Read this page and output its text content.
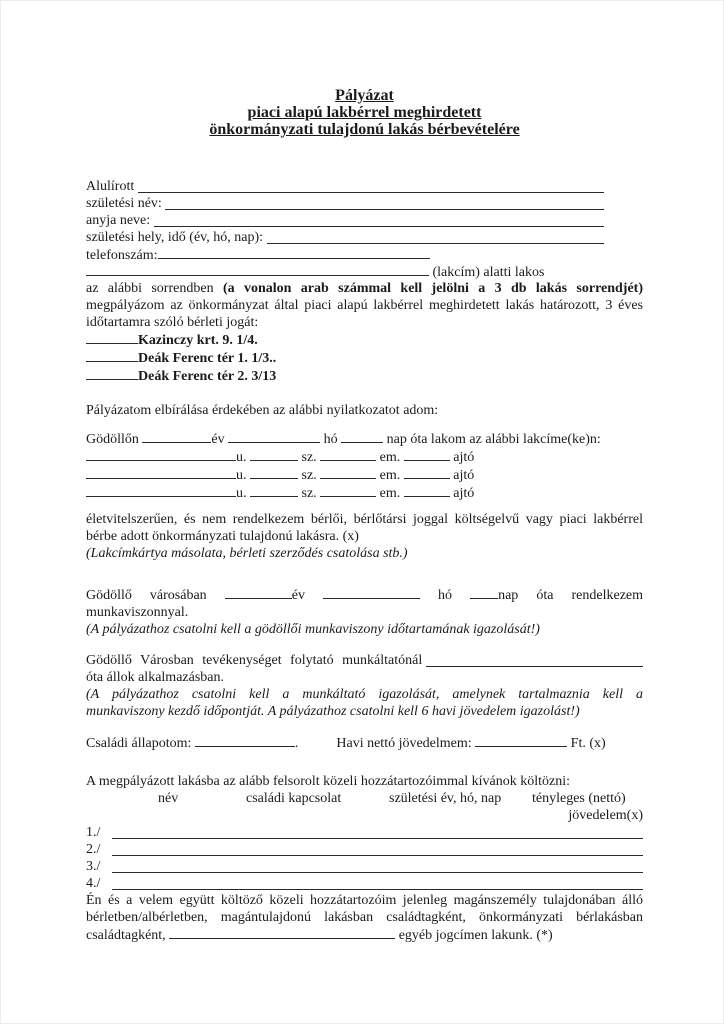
Pályázat
piaci alapú lakbérrel meghirdetett
önkormányzati tulajdonú lakás bérbevételére
Alulírott

születési név:

anyja neve:

születési hely, idő (év, hó, nap):

telefonszám:
(lakcím) alatti lakos
az alábbi sorrendben (a vonalon arab számmal kell jelölni a 3 db lakás sorrendjét)
megpályázom az önkormányzat által piaci alapú lakbérrel meghirdetett lakás határozott, 3 éves
időtartamra szóló bérleti jogát:
Kazinczy krt. 9. 1/4.
Deák Ferenc tér 1. 1/3..
Deák Ferenc tér 2. 3/13
Pályázatom elbírálása érdekében az alábbi nyilatkozatot adom:
Gödöllőn	év	hó	nap óta lakom az alábbi lakcíme(ke)n:
u.	sz.	em.	ajtó
u.	sz.	em.	ajtó
u.	sz.	em.	ajtó
életvitelszerűen, és nem rendelkezem bérlői, bérlőtársi joggal költségelvű vagy piaci lakbérrel
bérbe adott önkormányzati tulajdonú lakásra. (x)
(Lakcímkártya másolata, bérleti szerződés csatolása stb.)
Gödöllő városában	év	hó	nap óta rendelkezem
munkaviszonnyal.
(A pályázathoz csatolni kell a gödöllői munkaviszony időtartamának igazolását!)
Gödöllő Városban tevékenységet folytató munkáltatónál

óta állok alkalmazásban.
(A pályázathoz csatolni kell a munkáltató igazolását, amelynek tartalmaznia kell a
munkaviszony kezdő időpontját. A pályázathoz csatolni kell 6 havi jövedelem igazolást!)
Családi állapotom:	.	Havi nettó jövedelmem:	Ft. (x)
A megpályázott lakásba az alább felsorolt közeli hozzátartozóimmal kívánok költözni:
név	családi kapcsolat	születési év, hó, nap tényleges (nettó)
jövedelem(x)
1./
2./
3./
4./
Én és a velem együtt költöző közeli hozzátartozóim jelenleg magánszemély tulajdonában álló
bérletben/albérletben, magántulajdonú lakásban családtagként, önkormányzati bérlakásban
családtagként,	egyéb jogcímen lakunk. (*)
